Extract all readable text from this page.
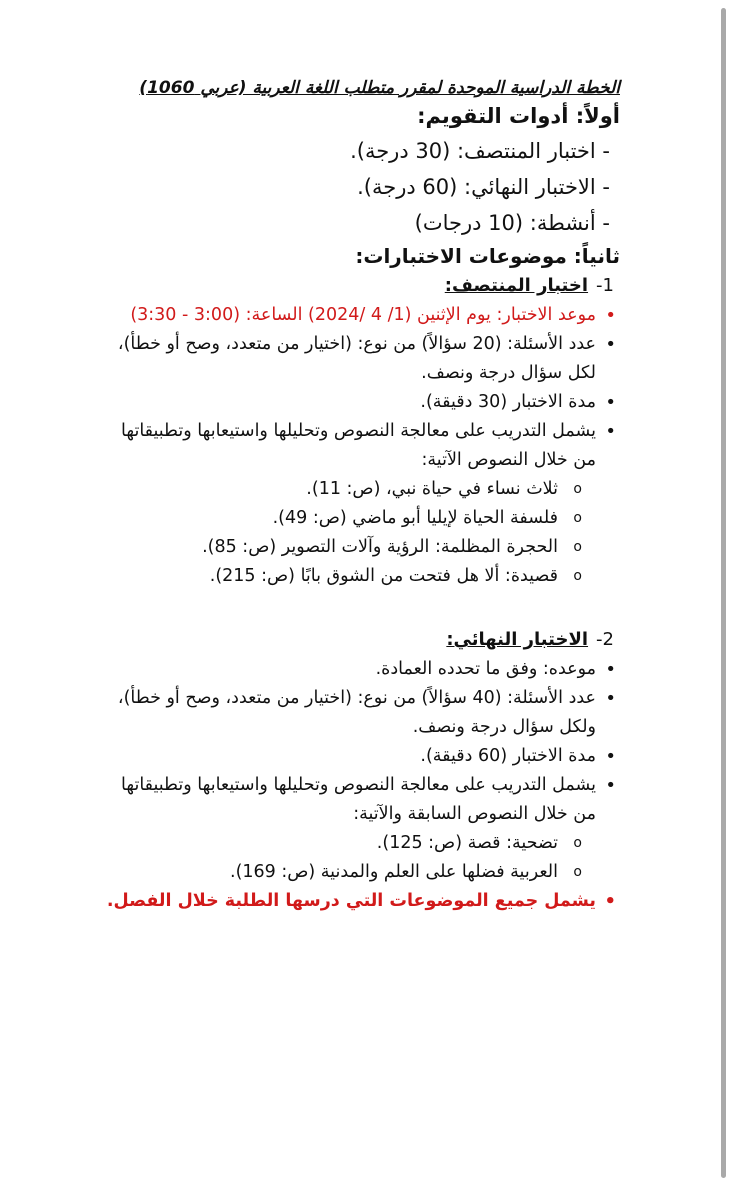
الخطة الدراسية الموحدة لمقرر متطلب اللغة العربية (عربي 1060)

أولاً: أدوات التقويم:

- اختبار المنتصف: (30 درجة).

- الاختبار النهائي: (60 درجة).

- أنشطة: (10 درجات)

ثانياً: موضوعات الاختبارات:

1-اختبار المنتصف:

• موعد الاختبار: يوم الإثنين (1/ 4 /2024) الساعة: (3:00 - 3:30)
• عدد الأسئلة: (20 سؤالاً) من نوع: (اختيار من متعدد، وصح أو خطأ)، لكل سؤال درجة ونصف.
• مدة الاختبار (30 دقيقة).
• يشمل التدريب على معالجة النصوص وتحليلها واستيعابها وتطبيقاتها من خلال النصوص الآتية:
o ثلاث نساء في حياة نبي، (ص: 11).
o فلسفة الحياة لإيليا أبو ماضي (ص: 49).
o الحجرة المظلمة: الرؤية وآلات التصوير (ص: 85).
o قصيدة: ألا هل فتحت من الشوق بابًا (ص: 215).

2-الاختبار النهائي:

• موعده: وفق ما تحدده العمادة.
• عدد الأسئلة: (40 سؤالاً) من نوع: (اختيار من متعدد، وصح أو خطأ)، ولكل سؤال درجة ونصف.
• مدة الاختبار (60 دقيقة).
• يشمل التدريب على معالجة النصوص وتحليلها واستيعابها وتطبيقاتها من خلال النصوص السابقة والآتية:
o تضحية: قصة (ص: 125).
o العربية فضلها على العلم والمدنية (ص: 169).
• يشمل جميع الموضوعات التي درسها الطلبة خلال الفصل.
